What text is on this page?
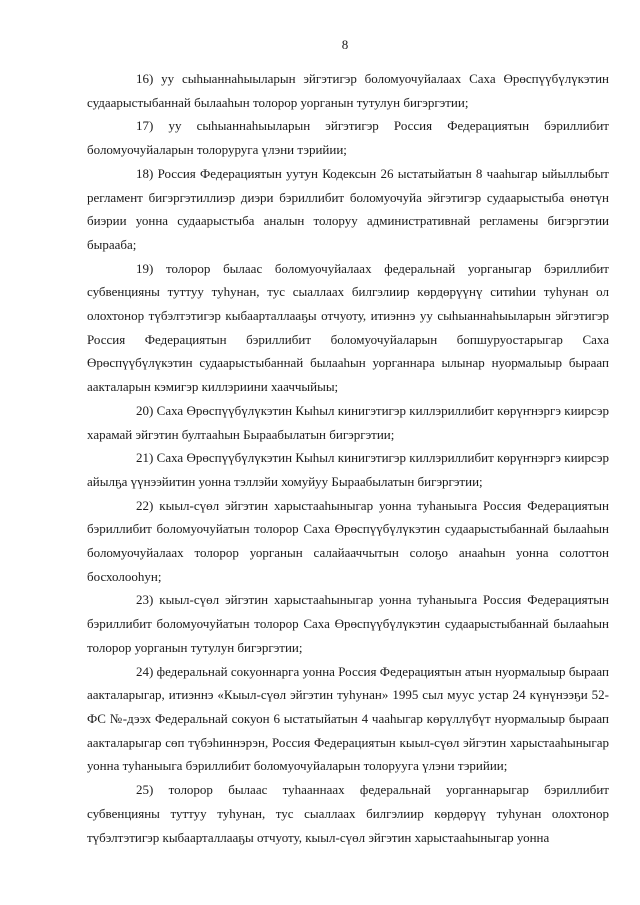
8

16) уу сыһыаннаһыыларын эйгэтигэр боломуочуйалаах Саха Өрөспүүбүлүкэтин судаарыстыбаннай былааһын толорор уорганын тутулун бигэргэтии;

17) уу сыһыаннаһыыларын эйгэтигэр Россия Федерациятын бэриллибит боломуочуйаларын толоруруга үлэни тэрийии;

18) Россия Федерациятын уутун Кодексын 26 ыстатыйатын 8 чааһыгар ыйыллыбыт регламент бигэргэтиллиэр диэри бэриллибит боломуочуйа эйгэтигэр судаарыстыба өнөтүн биэрии уонна судаарыстыба аналын толоруу административнай регламены бигэргэтии бырааба;

19) толорор былаас боломуочуйалаах федеральнай уорганыгар бэриллибит субвенцияны туттуу туһунан, тус сыаллаах билгэлиир көрдөрүүнү ситиһии туһунан ол олохтонор түбэлтэтигэр кыбаарталлааҕы отчуоту, итиэннэ уу сыһыаннаһыыларын эйгэтигэр Россия Федерациятын бэриллибит боломуочуйаларын бопшуруостарыгар Саха Өрөспүүбүлүкэтин судаарыстыбаннай былааһын уорганнара ылынар нуормалыыр быраап аакталарын кэмигэр киллэриини хааччыйыы;

20) Саха Өрөспүүбүлүкэтин Кыһыл кинигэтигэр киллэриллибит көрүҥнэргэ киирсэр харамай эйгэтин бултааһын Быраабылатын бигэргэтии;

21) Саха Өрөспүүбүлүкэтин Кыһыл кинигэтигэр киллэриллибит көрүҥнэргэ киирсэр айылҕа үүнээйитин уонна тэллэйи хомуйуу Быраабылатын бигэргэтии;

22) кыыл-сүөл эйгэтин харыстааһыныгар уонна туһаныыга Россия Федерациятын бэриллибит боломуочуйатын толорор Саха Өрөспүүбүлүкэтин судаарыстыбаннай былааһын боломуочуйалаах толорор уорганын салайааччытын солоҕо анааһын уонна солоттон босхолооһун;

23) кыыл-сүөл эйгэтин харыстааһыныгар уонна туһаныыга Россия Федерациятын бэриллибит боломуочуйатын толорор Саха Өрөспүүбүлүкэтин судаарыстыбаннай былааһын толорор уорганын тутулун бигэргэтии;

24) федеральнай сокуоннарга уонна Россия Федерациятын атын нуормалыыр быраап аакталарыгар, итиэннэ «Кыыл-сүөл эйгэтин туһунан» 1995 сыл муус устар 24 күнүнээҕи 52-ФС №-дээх Федеральнай сокуон 6 ыстатыйатын 4 чааһыгар көрүллүбүт нуормалыыр быраап аакталарыгар сөп түбэһиннэрэн, Россия Федерациятын кыыл-сүөл эйгэтин харыстааһыныгар уонна туһаныыга бэриллибит боломуочуйаларын толорууга үлэни тэрийии;

25) толорор былаас туһааннаах федеральнай уорганнарыгар бэриллибит субвенцияны туттуу туһунан, тус сыаллаах билгэлиир көрдөрүү туһунан олохтонор түбэлтэтигэр кыбаарталлааҕы отчуоту, кыыл-сүөл эйгэтин харыстааһыныгар уонна
